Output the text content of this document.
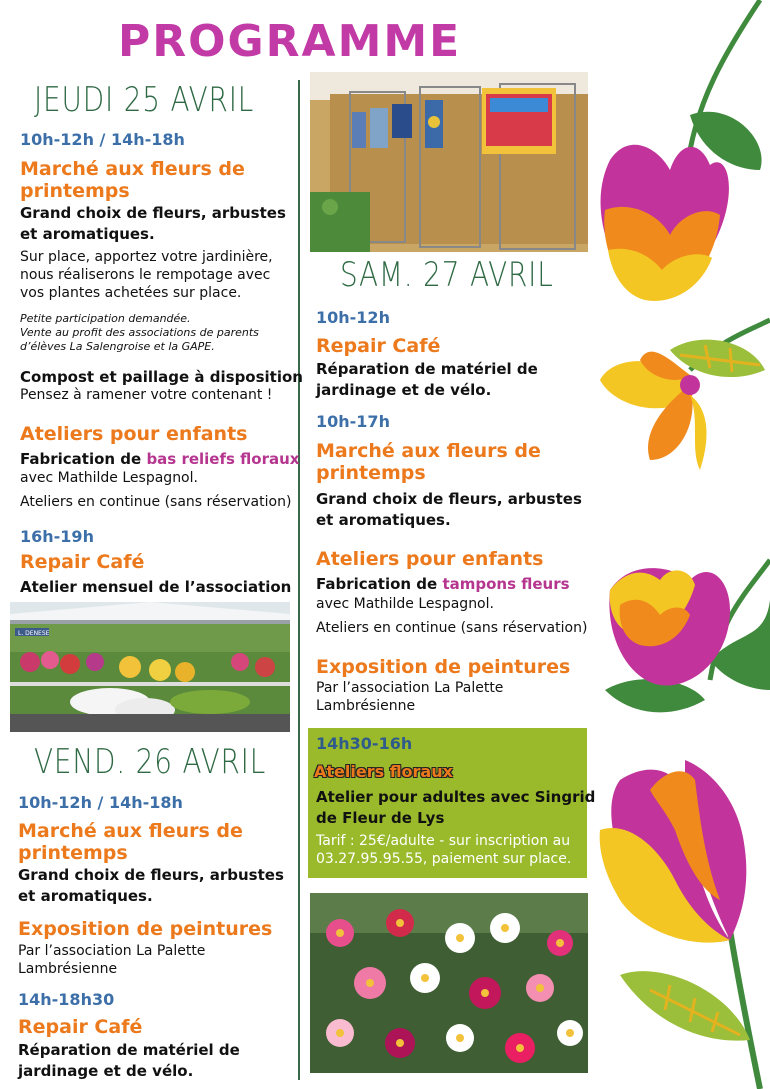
PROGRAMME
JEUDI 25 AVRIL
10h-12h / 14h-18h
Marché aux fleurs de
printemps
Grand choix de fleurs, arbustes
et aromatiques.
Sur place, apportez votre jardinière,
nous réaliserons le rempotage avec
vos plantes achetées sur place.
Petite participation demandée.
Vente au profit des associations de parents
d’élèves La Salengroise et la GAPE.
Compost et paillage à disposition
Pensez à ramener votre contenant !
Ateliers pour enfants
Fabrication de bas reliefs floraux
avec Mathilde Lespagnol.
Ateliers en continue (sans réservation)
16h-19h
Repair Café
Atelier mensuel de l’association
L. DENESE
VEND. 26 AVRIL
10h-12h / 14h-18h
Marché aux fleurs de
printemps
Grand choix de fleurs, arbustes
et aromatiques.
Exposition de peintures
Par l’association La Palette
Lambrésienne
14h-18h30
Repair Café
Réparation de matériel de
jardinage et de vélo.
SAM. 27 AVRIL
10h-12h
Repair Café
Réparation de matériel de
jardinage et de vélo.
10h-17h
Marché aux fleurs de
printemps
Grand choix de fleurs, arbustes
et aromatiques.
Ateliers pour enfants
Fabrication de tampons fleurs
avec Mathilde Lespagnol.
Ateliers en continue (sans réservation)
Exposition de peintures
Par l’association La Palette
Lambrésienne
14h30-16h
Ateliers floraux
Atelier pour adultes avec Singrid
de Fleur de Lys
Tarif : 25€/adulte - sur inscription au
03.27.95.95.55, paiement sur place.
